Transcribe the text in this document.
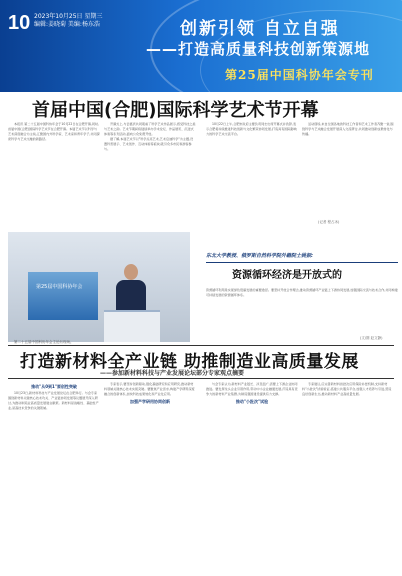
10 2023年10月25日 星期三
编辑:姜晓菊 美编:杨东浩	创新引领 自立自强
——打造高质量科技创新策源地
第25届中国科协年会专刊
首届中国(合肥)国际科学艺术节开幕

本报讯 第二十五届中国科协年会于10月22日在合肥开幕,同时,首届中国(合肥)国际科学艺术节在合肥开幕。本届艺术节以科学与艺术深度融合为主线,汇聚国内外科学家、艺术家和青年学子,共同探索科学与艺术交融的新路径。

开幕式上,与会嘉宾共同观看了科学艺术作品展示,感受科技之美与艺术之韵。艺术节期间将陆续举办学术论坛、作品展览、沉浸式体验等系列活动,面向公众免费开放。

据了解,本届艺术节以"科学点亮艺术,艺术启迪科学"为主题,设置科普展示、艺术创作、互动体验等板块,吸引众多市民和游客参与。

10月22日上午,合肥市政府主要负责同志出席开幕式并致辞,表示合肥将持续推进科技创新与文化繁荣协同发展,打造具有国际影响力的科学艺术交流平台。

活动现场,来自全国各地的科技工作者和艺术工作者齐聚一堂,围绕科学与艺术融合发展开展深入交流研讨,共同推动创新成果转化与传播。

(记者 程占冰)
第25届中国科协年会
第二十五届中国科协年会主论坛现场。
东北大学教授、俄罗斯自然科学院外籍院士姚振:
资源循环经济是开放式的
资源循环利用是实现绿色低碳发展的重要途径。要坚持开放合作理念,推动资源循环产业链上下游协同发展,加强国际交流与技术合作,共同构建可持续发展的资源循环体系。
(文/图 赵文静)
打造新材料全产业链 助推制造业高质量发展
——参加新材料科技与产业发展论坛部分专家观点摘要
推动"从0到1"原创性突破

10月23日,新材料科技与产业发展论坛在合肥举行。与会专家围绕新材料关键核心技术攻关、产业链协同发展等议题展开深入研讨,为推动制造业高质量发展建言献策。新材料是战略性、基础性产业,是高技术竞争的关键领域。

专家表示,要坚持创新驱动,强化基础研究和应用研究,推动新材料领域关键核心技术实现突破。要聚焦产业需求,构建产学研用深度融合的创新体系,加快科技成果转化和产业化应用。

加强产学研用协同创新

与会专家认为,新材料产业链长、涉及面广,需要上下游企业协同推进。要发挥龙头企业引领作用,带动中小企业融通发展,打造具有竞争力的新材料产业集群,为制造强国建设提供有力支撑。

推动"小批次"试验

专家建议,应完善新材料首批次应用保险补偿机制,支持新材料"小批次"试验验证,搭建公共服务平台,加强人才培养与引进,营造良好创新生态,推动新材料产业高质量发展。
